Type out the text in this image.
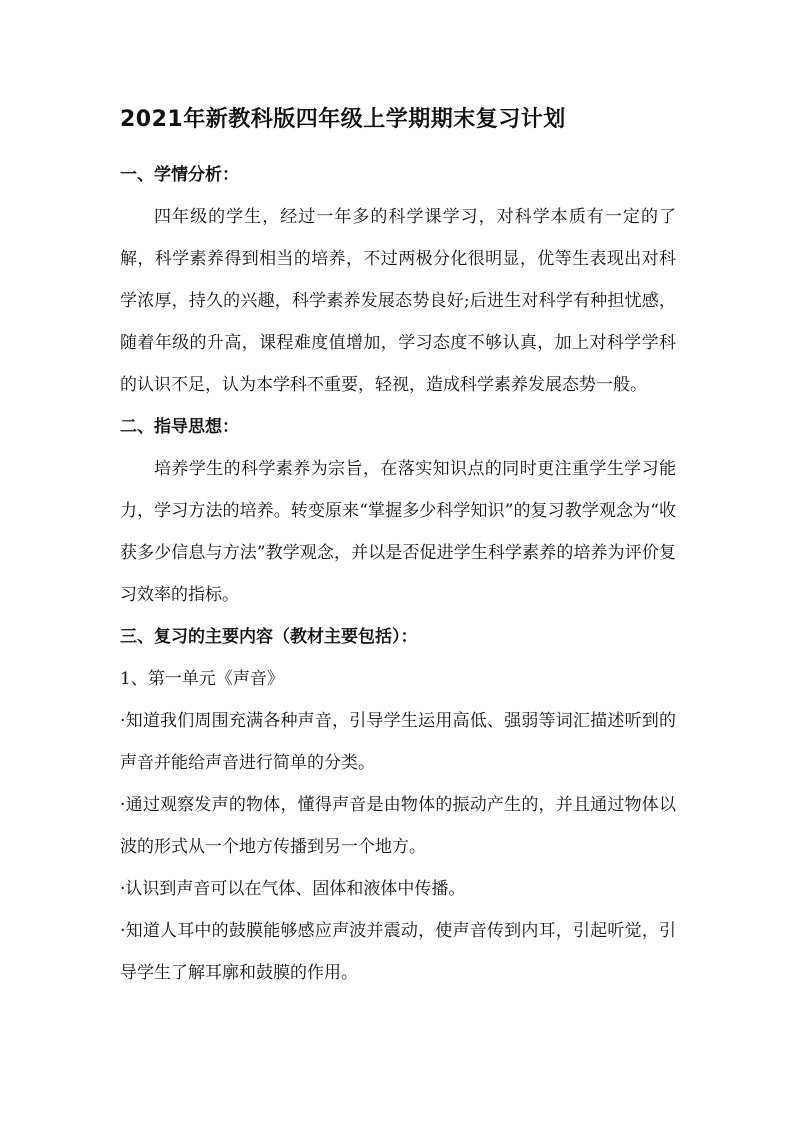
2021年新教科版四年级上学期期末复习计划
一、学情分析：

四年级的学生，经过一年多的科学课学习，对科学本质有一定的了解，科学素养得到相当的培养，不过两极分化很明显，优等生表现出对科学浓厚，持久的兴趣，科学素养发展态势良好;后进生对科学有种担忧感，随着年级的升高，课程难度值增加，学习态度不够认真，加上对科学学科的认识不足，认为本学科不重要，轻视，造成科学素养发展态势一般。

二、指导思想：

培养学生的科学素养为宗旨，在落实知识点的同时更注重学生学习能力，学习方法的培养。转变原来“掌握多少科学知识”的复习教学观念为“收获多少信息与方法”教学观念，并以是否促进学生科学素养的培养为评价复习效率的指标。

三、复习的主要内容（教材主要包括）：

1、第一单元《声音》

·知道我们周围充满各种声音，引导学生运用高低、强弱等词汇描述听到的声音并能给声音进行简单的分类。

·通过观察发声的物体，懂得声音是由物体的振动产生的，并且通过物体以波的形式从一个地方传播到另一个地方。

·认识到声音可以在气体、固体和液体中传播。

·知道人耳中的鼓膜能够感应声波并震动，使声音传到内耳，引起听觉，引导学生了解耳廓和鼓膜的作用。
